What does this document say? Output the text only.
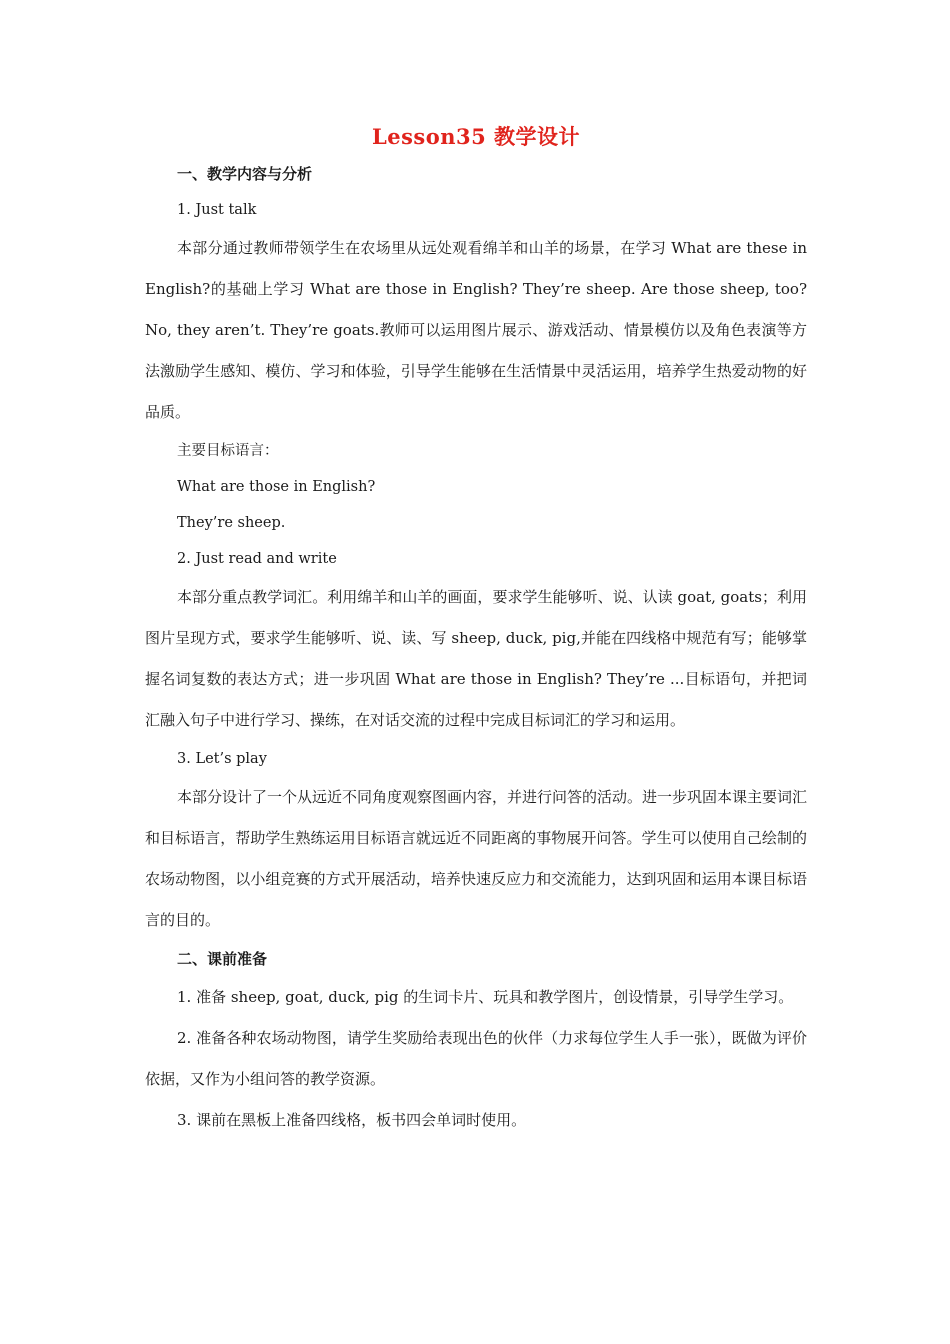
Lesson35 教学设计
一、教学内容与分析
1. Just talk

本部分通过教师带领学生在农场里从远处观看绵羊和山羊的场景，在学习 What are these in English?的基础上学习 What are those in English? They’re sheep. Are those sheep, too? No, they aren’t. They’re goats.教师可以运用图片展示、游戏活动、情景模仿以及角色表演等方法激励学生感知、模仿、学习和体验，引导学生能够在生活情景中灵活运用，培养学生热爱动物的好品质。

主要目标语言：
What are those in English?
They’re sheep.
2. Just read and write

本部分重点教学词汇。利用绵羊和山羊的画面，要求学生能够听、说、认读 goat, goats；利用图片呈现方式，要求学生能够听、说、读、写 sheep, duck, pig,并能在四线格中规范有写；能够掌握名词复数的表达方式；进一步巩固 What are those in English? They’re ...目标语句，并把词汇融入句子中进行学习、操练，在对话交流的过程中完成目标词汇的学习和运用。

3. Let’s play

本部分设计了一个从远近不同角度观察图画内容，并进行问答的活动。进一步巩固本课主要词汇和目标语言，帮助学生熟练运用目标语言就远近不同距离的事物展开问答。学生可以使用自己绘制的农场动物图，以小组竞赛的方式开展活动，培养快速反应力和交流能力，达到巩固和运用本课目标语言的目的。

二、课前准备

1. 准备 sheep, goat, duck, pig 的生词卡片、玩具和教学图片，创设情景，引导学生学习。

2. 准备各种农场动物图，请学生奖励给表现出色的伙伴（力求每位学生人手一张），既做为评价依据，又作为小组问答的教学资源。

3. 课前在黑板上准备四线格，板书四会单词时使用。
